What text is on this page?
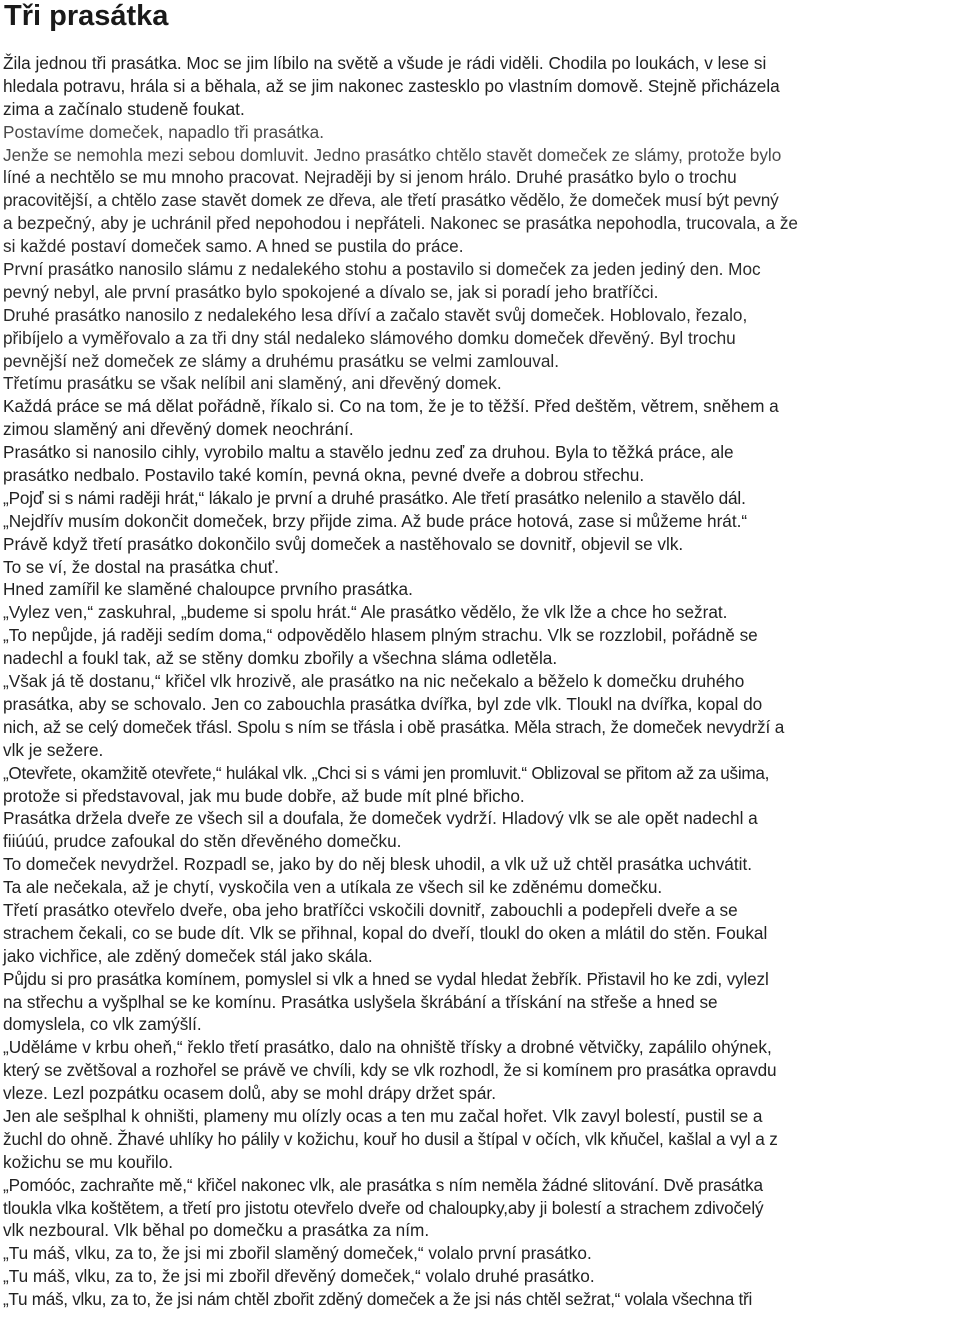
Tři prasátka
Žila jednou tři prasátka. Moc se jim líbilo na světě a všude je rádi viděli. Chodila po loukách, v lese si
hledala potravu, hrála si a běhala, až se jim nakonec zastesklo po vlastním domově. Stejně přicházela
zima a začínalo studeně foukat.
Postavíme domeček, napadlo tři prasátka.
Jenže se nemohla mezi sebou domluvit. Jedno prasátko chtělo stavět domeček ze slámy, protože bylo
líné a nechtělo se mu mnoho pracovat. Nejraději by si jenom hrálo. Druhé prasátko bylo o trochu
pracovitější, a chtělo zase stavět domek ze dřeva, ale třetí prasátko vědělo, že domeček musí být pevný
a bezpečný, aby je uchránil před nepohodou i nepřáteli. Nakonec se prasátka nepohodla, trucovala, a že
si každé postaví domeček samo. A hned se pustila do práce.
První prasátko nanosilo slámu z nedalekého stohu a postavilo si domeček za jeden jediný den. Moc
pevný nebyl, ale první prasátko bylo spokojené a dívalo se, jak si poradí jeho bratříčci.
Druhé prasátko nanosilo z nedalekého lesa dříví a začalo stavět svůj domeček. Hoblovalo, řezalo,
přibíjelo a vyměřovalo a za tři dny stál nedaleko slámového domku domeček dřevěný. Byl trochu
pevnější než domeček ze slámy a druhému prasátku se velmi zamlouval.
Třetímu prasátku se však nelíbil ani slaměný, ani dřevěný domek.
Každá práce se má dělat pořádně, říkalo si. Co na tom, že je to těžší. Před deštěm, větrem, sněhem a
zimou slaměný ani dřevěný domek neochrání.
Prasátko si nanosilo cihly, vyrobilo maltu a stavělo jednu zeď za druhou. Byla to těžká práce, ale
prasátko nedbalo. Postavilo také komín, pevná okna, pevné dveře a dobrou střechu.
„Pojď si s námi raději hrát,“ lákalo je první a druhé prasátko. Ale třetí prasátko nelenilo a stavělo dál.
„Nejdřív musím dokončit domeček, brzy přijde zima. Až bude práce hotová, zase si můžeme hrát.“
Právě když třetí prasátko dokončilo svůj domeček a nastěhovalo se dovnitř, objevil se vlk.
To se ví, že dostal na prasátka chuť.
Hned zamířil ke slaměné chaloupce prvního prasátka.
„Vylez ven,“ zaskuhral, „budeme si spolu hrát.“ Ale prasátko vědělo, že vlk lže a chce ho sežrat.
„To nepůjde, já raději sedím doma,“ odpovědělo hlasem plným strachu. Vlk se rozzlobil, pořádně se
nadechl a foukl tak, až se stěny domku zbořily a všechna sláma odletěla.
„Však já tě dostanu,“ křičel vlk hrozivě, ale prasátko na nic nečekalo a běželo k domečku druhého
prasátka, aby se schovalo. Jen co zabouchla prasátka dvířka, byl zde vlk. Tloukl na dvířka, kopal do
nich, až se celý domeček třásl. Spolu s ním se třásla i obě prasátka. Měla strach, že domeček nevydrží a
vlk je sežere.
„Otevřete, okamžitě otevřete,“ hulákal vlk. „Chci si s vámi jen promluvit.“ Oblizoval se přitom až za ušima,
protože si představoval, jak mu bude dobře, až bude mít plné břicho.
Prasátka držela dveře ze všech sil a doufala, že domeček vydrží. Hladový vlk se ale opět nadechl a
fiiúúú, prudce zafoukal do stěn dřevěného domečku.
To domeček nevydržel. Rozpadl se, jako by do něj blesk uhodil, a vlk už už chtěl prasátka uchvátit.
Ta ale nečekala, až je chytí, vyskočila ven a utíkala ze všech sil ke zděnému domečku.
Třetí prasátko otevřelo dveře, oba jeho bratříčci vskočili dovnitř, zabouchli a podepřeli dveře a se
strachem čekali, co se bude dít. Vlk se přihnal, kopal do dveří, tloukl do oken a mlátil do stěn. Foukal
jako vichřice, ale zděný domeček stál jako skála.
Půjdu si pro prasátka komínem, pomyslel si vlk a hned se vydal hledat žebřík. Přistavil ho ke zdi, vylezl
na střechu a vyšplhal se ke komínu. Prasátka uslyšela škrábání a třískání na střeše a hned se
domyslela, co vlk zamýšlí.
„Uděláme v krbu oheň,“ řeklo třetí prasátko, dalo na ohniště třísky a drobné větvičky, zapálilo ohýnek,
který se zvětšoval a rozhořel se právě ve chvíli, kdy se vlk rozhodl, že si komínem pro prasátka opravdu
vleze. Lezl pozpátku ocasem dolů, aby se mohl drápy držet spár.
Jen ale sešplhal k ohništi, plameny mu olízly ocas a ten mu začal hořet. Vlk zavyl bolestí, pustil se a
žuchl do ohně. Žhavé uhlíky ho pálily v kožichu, kouř ho dusil a štípal v očích, vlk kňučel, kašlal a vyl a z
kožichu se mu kouřilo.
„Pomóóc, zachraňte mě,“ křičel nakonec vlk, ale prasátka s ním neměla žádné slitování. Dvě prasátka
tloukla vlka koštětem, a třetí pro jistotu otevřelo dveře od chaloupky,aby ji bolestí a strachem zdivočelý
vlk nezboural. Vlk běhal po domečku a prasátka za ním.
„Tu máš, vlku, za to, že jsi mi zbořil slaměný domeček,“ volalo první prasátko.
„Tu máš, vlku, za to, že jsi mi zbořil dřevěný domeček,“ volalo druhé prasátko.
„Tu máš, vlku, za to, že jsi nám chtěl zbořit zděný domeček a že jsi nás chtěl sežrat,“ volala všechna tři
